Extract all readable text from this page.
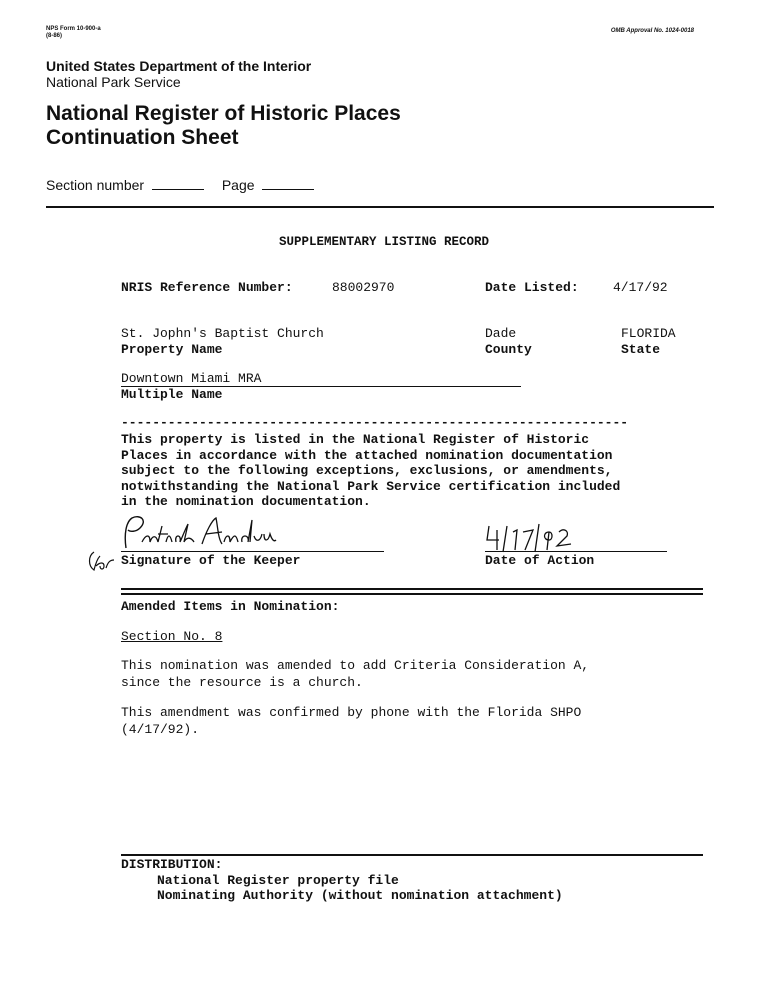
NPS Form 10-900-a
(8-86)
OMB Approval No. 1024-0018
United States Department of the Interior
National Park Service
National Register of Historic Places
Continuation Sheet
Section number	Page
SUPPLEMENTARY LISTING RECORD
NRIS Reference Number:	88002970	Date Listed:	4/17/92
St. Jophn's Baptist Church
Property Name
Dade
County
FLORIDA
State
Downtown Miami MRA
Multiple Name
-----------------------------------------------------------------
This property is listed in the National Register of Historic
Places in accordance with the attached nomination documentation
subject to the following exceptions, exclusions, or amendments,
notwithstanding the National Park Service certification included
in the nomination documentation.
Signature of the Keeper	Date of Action
Amended Items in Nomination:
Section No. 8
This nomination was amended to add Criteria Consideration A,
since the resource is a church.
This amendment was confirmed by phone with the Florida SHPO
(4/17/92).
DISTRIBUTION:
National Register property file
Nominating Authority (without nomination attachment)
